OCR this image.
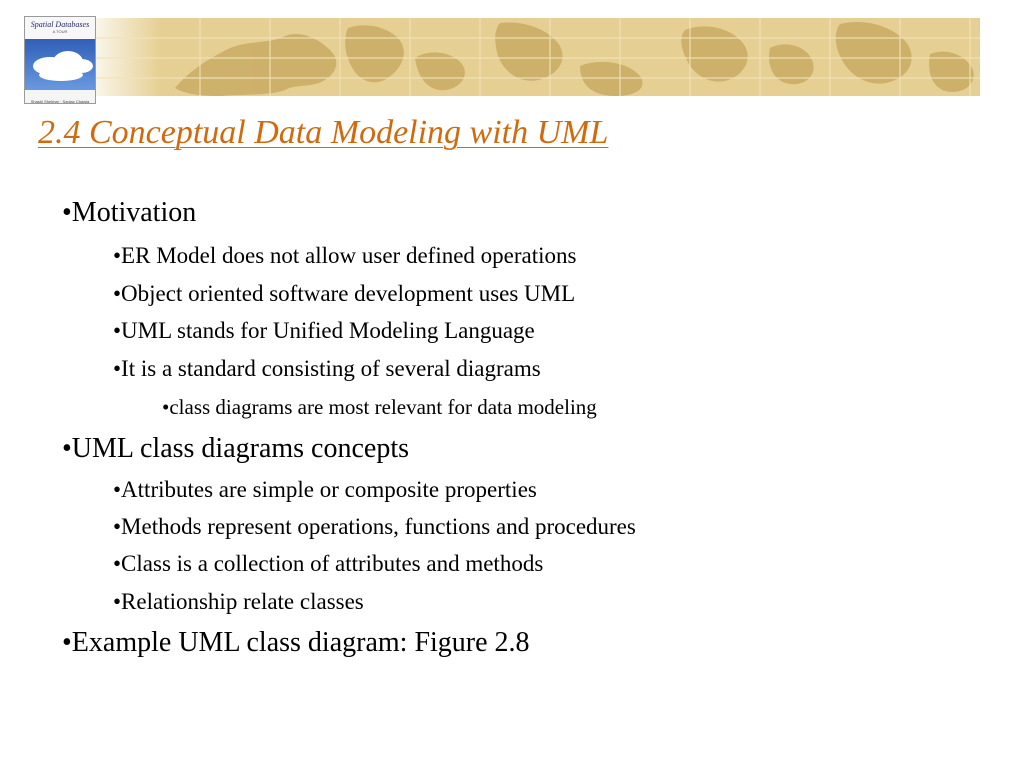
Spatial Databases
A TOUR
Shashi Shekhar · Sanjay Chawla
2.4 Conceptual Data Modeling with UML

•Motivation

•ER Model does not allow user defined operations

•Object oriented software development uses UML

•UML stands for Unified Modeling Language

•It is a standard consisting of several diagrams

•class diagrams are most relevant for data modeling

•UML class diagrams concepts

•Attributes are simple or composite properties

•Methods represent operations, functions and procedures

•Class is a collection of attributes and methods

•Relationship relate classes

•Example UML class diagram: Figure 2.8
